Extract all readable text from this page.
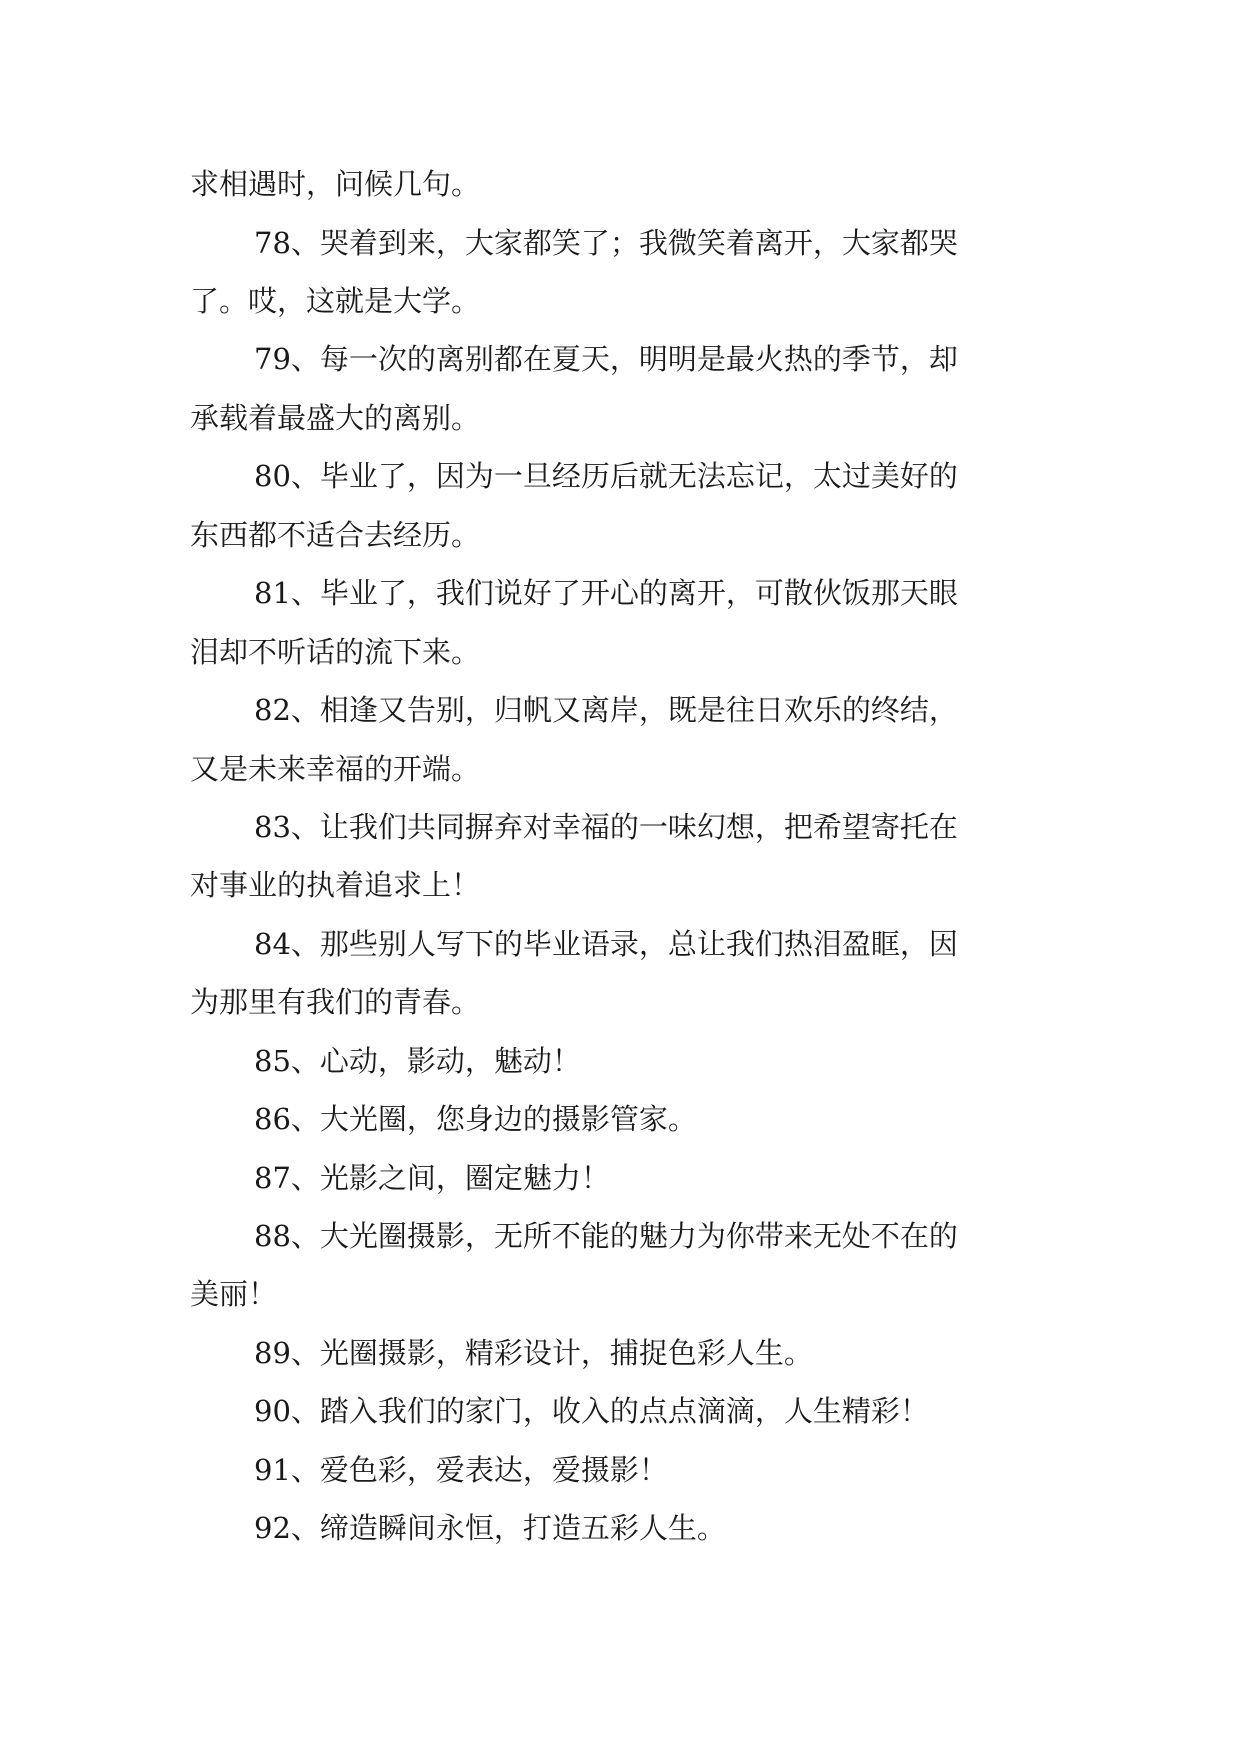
求相遇时，问候几句。
78、哭着到来，大家都笑了；我微笑着离开，大家都哭
了。哎，这就是大学。
79、每一次的离别都在夏天，明明是最火热的季节，却
承载着最盛大的离别。
80、毕业了，因为一旦经历后就无法忘记，太过美好的
东西都不适合去经历。
81、毕业了，我们说好了开心的离开，可散伙饭那天眼
泪却不听话的流下来。
82、相逢又告别，归帆又离岸，既是往日欢乐的终结，
又是未来幸福的开端。
83、让我们共同摒弃对幸福的一味幻想，把希望寄托在
对事业的执着追求上！
84、那些别人写下的毕业语录，总让我们热泪盈眶，因
为那里有我们的青春。
85、心动，影动，魅动！
86、大光圈，您身边的摄影管家。
87、光影之间，圈定魅力！
88、大光圈摄影，无所不能的魅力为你带来无处不在的
美丽！
89、光圈摄影，精彩设计，捕捉色彩人生。
90、踏入我们的家门，收入的点点滴滴，人生精彩！
91、爱色彩，爱表达，爱摄影！
92、缔造瞬间永恒，打造五彩人生。
